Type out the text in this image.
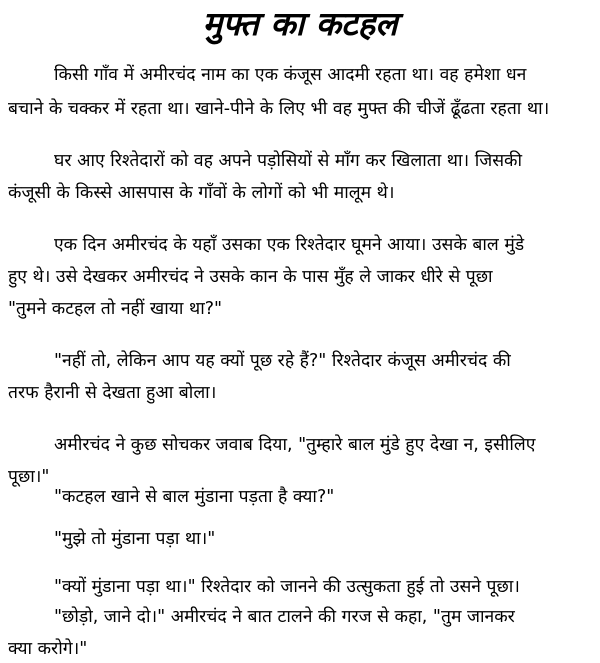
मुफ्त का कटहल
किसी गाँव में अमीरचंद नाम का एक कंजूस आदमी रहता था। वह हमेशा धन
बचाने के चक्कर में रहता था। खाने-पीने के लिए भी वह मुफ्त की चीजें ढूँढता रहता था।
घर आए रिश्तेदारों को वह अपने पड़ोसियों से माँग कर खिलाता था। जिसकी
कंजूसी के किस्से आसपास के गाँवों के लोगों को भी मालूम थे।
एक दिन अमीरचंद के यहाँ उसका एक रिश्तेदार घूमने आया। उसके बाल मुंडे
हुए थे। उसे देखकर अमीरचंद ने उसके कान के पास मुँह ले जाकर धीरे से पूछा
"तुमने कटहल तो नहीं खाया था?"
"नहीं तो, लेकिन आप यह क्यों पूछ रहे हैं?" रिश्तेदार कंजूस अमीरचंद की
तरफ हैरानी से देखता हुआ बोला।
अमीरचंद ने कुछ सोचकर जवाब दिया, "तुम्हारे बाल मुंडे हुए देखा न, इसीलिए
पूछा।"
"कटहल खाने से बाल मुंडाना पड़ता है क्या?"
"मुझे तो मुंडाना पड़ा था।"
"क्यों मुंडाना पड़ा था।" रिश्तेदार को जानने की उत्सुकता हुई तो उसने पूछा।
"छोड़ो, जाने दो।" अमीरचंद ने बात टालने की गरज से कहा, "तुम जानकर
क्या करोगे।"
